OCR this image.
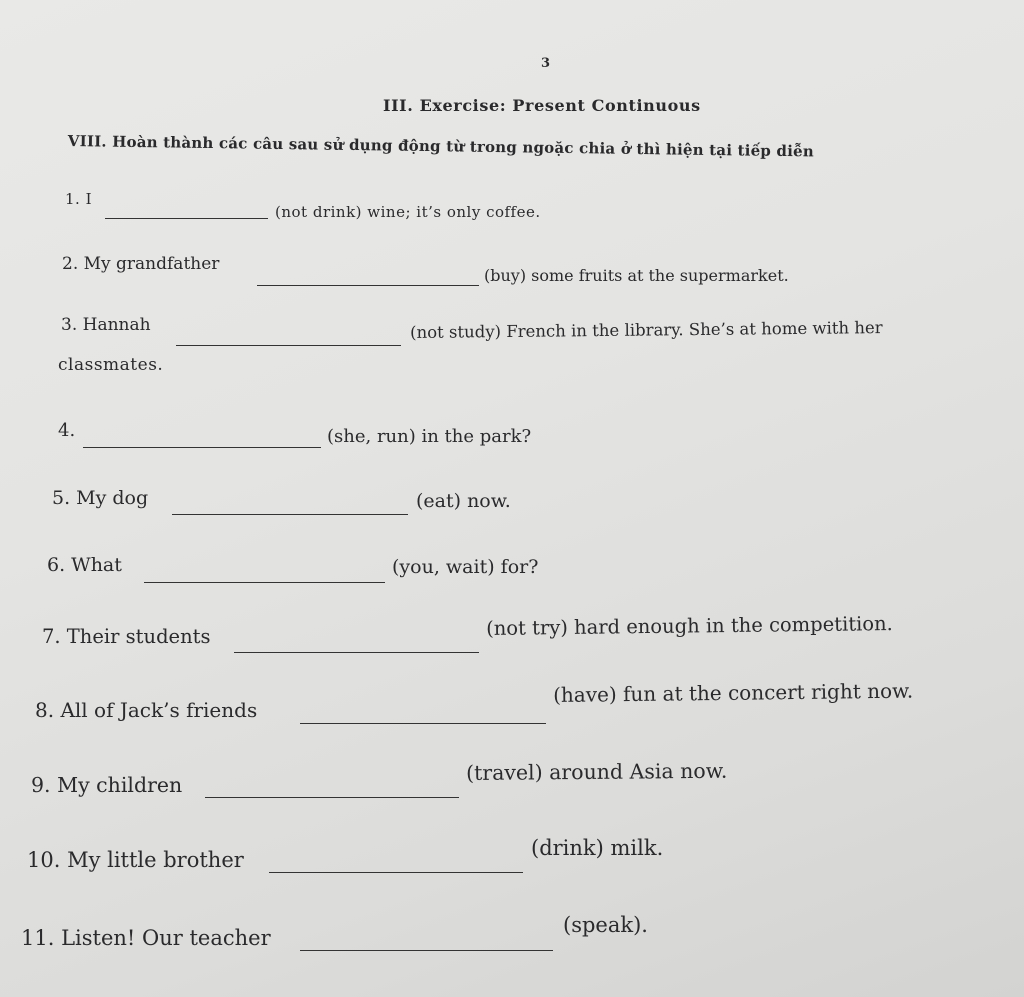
3
III. Exercise: Present Continuous
VIII. Hoàn thành các câu sau sử dụng động từ trong ngoặc chia ở thì hiện tại tiếp diễn
1. I
(not drink) wine; it’s only coffee.
2. My grandfather
(buy) some fruits at the supermarket.
3. Hannah	(not study) French in the library. She’s at home with her
classmates.
4.	(she, run) in the park?
5. My dog	(eat) now.
6. What	(you, wait) for?
7. Their students	(not try) hard enough in the competition.
8. All of Jack’s friends
(have) fun at the concert right now.
9. My children
(travel) around Asia now.
10. My little brother	(drink) milk.
11. Listen! Our teacher
(speak).
